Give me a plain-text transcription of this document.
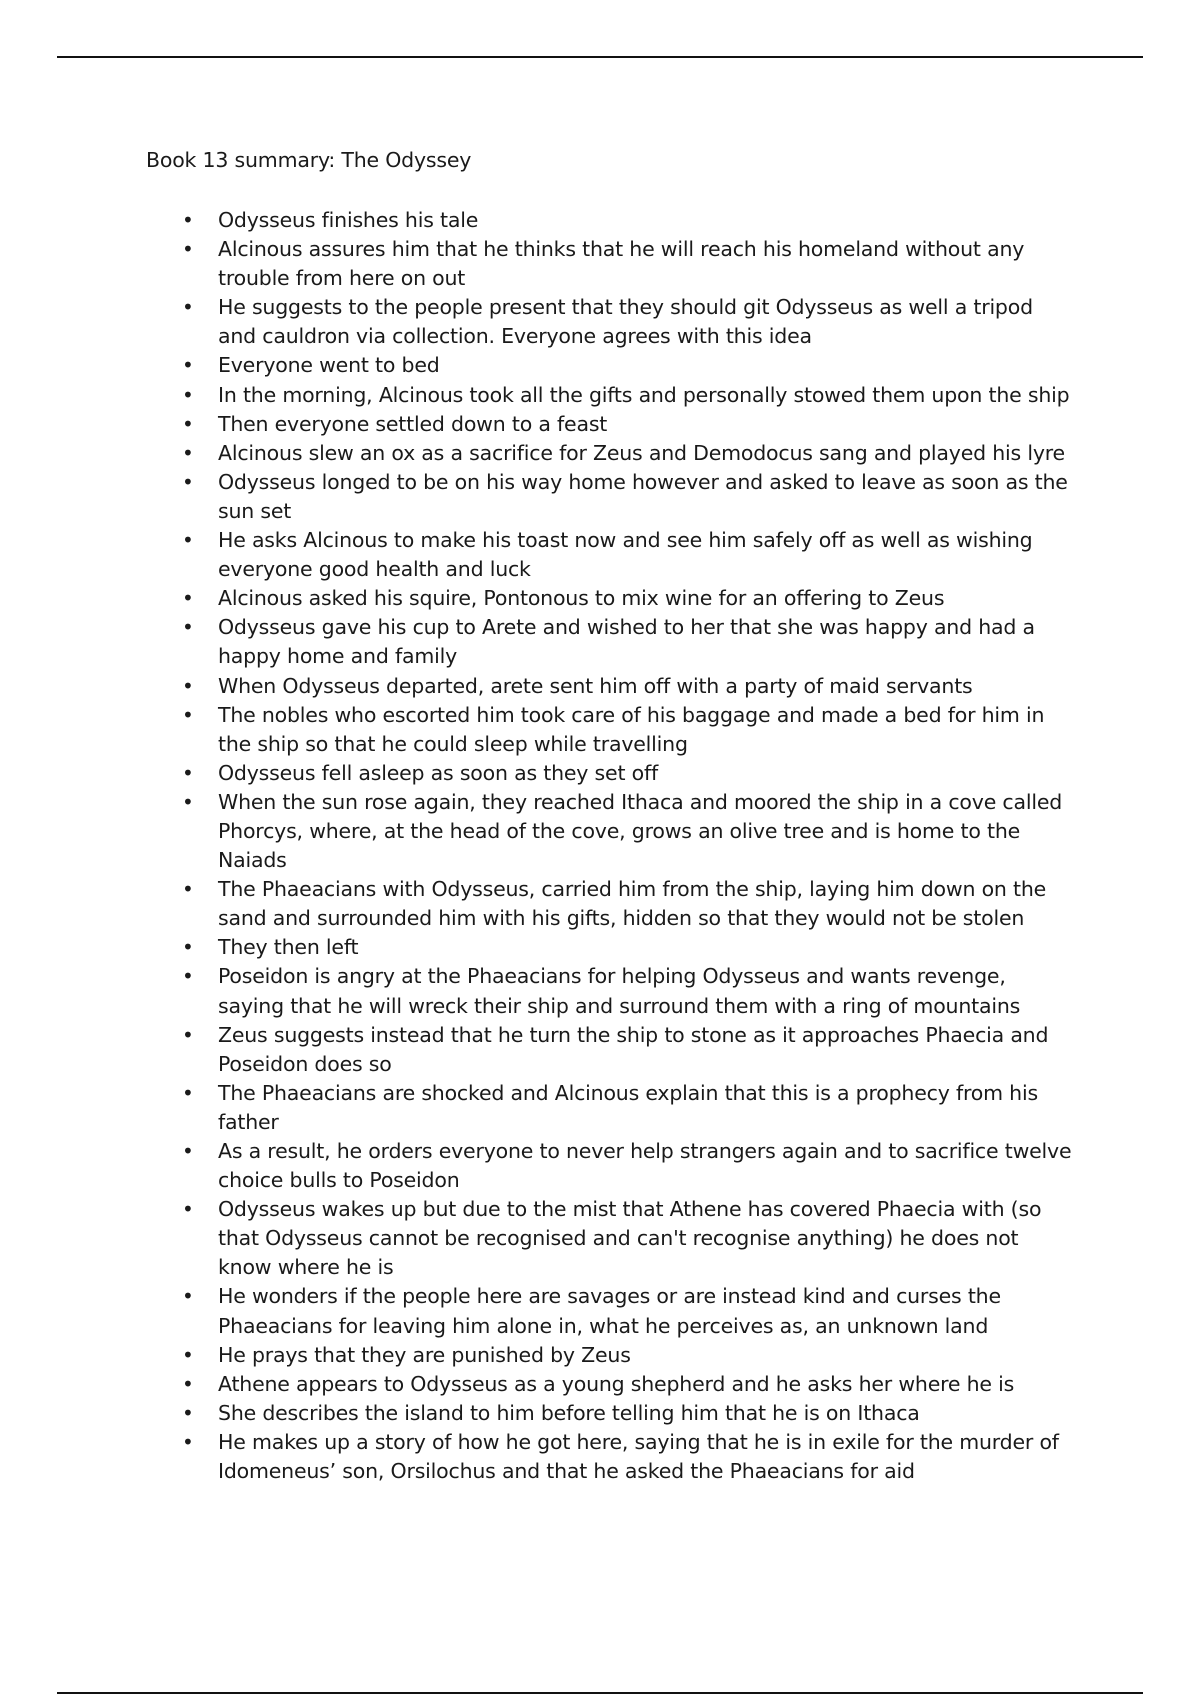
Book 13 summary: The Odyssey
• Odysseus finishes his tale
• Alcinous assures him that he thinks that he will reach his homeland without any trouble from here on out
• He suggests to the people present that they should git Odysseus as well a tripod and cauldron via collection. Everyone agrees with this idea
• Everyone went to bed
• In the morning, Alcinous took all the gifts and personally stowed them upon the ship
• Then everyone settled down to a feast
• Alcinous slew an ox as a sacrifice for Zeus and Demodocus sang and played his lyre
• Odysseus longed to be on his way home however and asked to leave as soon as the sun set
• He asks Alcinous to make his toast now and see him safely off as well as wishing everyone good health and luck
• Alcinous asked his squire, Pontonous to mix wine for an offering to Zeus
• Odysseus gave his cup to Arete and wished to her that she was happy and had a happy home and family
• When Odysseus departed, arete sent him off with a party of maid servants
• The nobles who escorted him took care of his baggage and made a bed for him in the ship so that he could sleep while travelling
• Odysseus fell asleep as soon as they set off
• When the sun rose again, they reached Ithaca and moored the ship in a cove called Phorcys, where, at the head of the cove, grows an olive tree and is home to the Naiads
• The Phaeacians with Odysseus, carried him from the ship, laying him down on the sand and surrounded him with his gifts, hidden so that they would not be stolen
• They then left
• Poseidon is angry at the Phaeacians for helping Odysseus and wants revenge, saying that he will wreck their ship and surround them with a ring of mountains
• Zeus suggests instead that he turn the ship to stone as it approaches Phaecia and Poseidon does so
• The Phaeacians are shocked and Alcinous explain that this is a prophecy from his father
• As a result, he orders everyone to never help strangers again and to sacrifice twelve choice bulls to Poseidon
• Odysseus wakes up but due to the mist that Athene has covered Phaecia with (so that Odysseus cannot be recognised and can't recognise anything) he does not know where he is
• He wonders if the people here are savages or are instead kind and curses the Phaeacians for leaving him alone in, what he perceives as, an unknown land
• He prays that they are punished by Zeus
• Athene appears to Odysseus as a young shepherd and he asks her where he is
• She describes the island to him before telling him that he is on Ithaca
• He makes up a story of how he got here, saying that he is in exile for the murder of Idomeneus’ son, Orsilochus and that he asked the Phaeacians for aid
